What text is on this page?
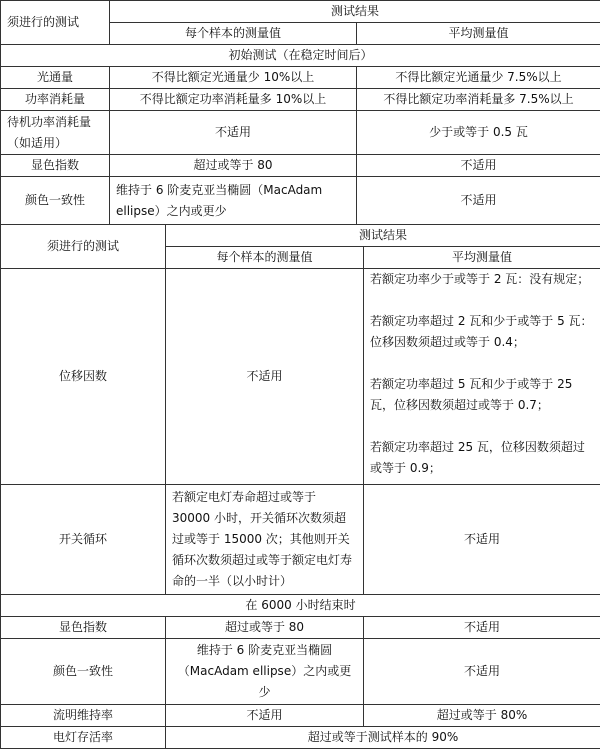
须进行的测试	测试结果	
	每个样本的测量值	平均测量值
初始测试（在稳定时间后）		
光通量	不得比额定光通量少 10%以上	不得比额定光通量少 7.5%以上
功率消耗量	不得比额定功率消耗量多 10%以上	不得比额定功率消耗量多 7.5%以上
待机功率消耗量（如适用）	不适用	少于或等于 0.5 瓦
显色指数	超过或等于 80	不适用
颜色一致性	维持于 6 阶麦克亚当椭圆（MacAdam ellipse）之内或更少	不适用
须进行的测试	测试结果	
	每个样本的测量值	平均测量值
位移因数	不适用	若额定功率少于或等于 2 瓦：没有规定；
若额定功率超过 2 瓦和少于或等于 5 瓦：位移因数须超过或等于 0.4；
若额定功率超过 5 瓦和少于或等于 25 瓦，位移因数须超过或等于 0.7；
若额定功率超过 25 瓦，位移因数须超过或等于 0.9；

开关循环	若额定电灯寿命超过或等于 30000 小时，开关循环次数须超过或等于 15000 次；其他则开关循环次数须超过或等于额定电灯寿命的一半（以小时计）	不适用
在 6000 小时结束时		
显色指数	超过或等于 80	不适用
颜色一致性	维持于 6 阶麦克亚当椭圆（MacAdam ellipse）之内或更少	不适用
流明维持率	不适用	超过或等于 80%
电灯存活率	超过或等于测试样本的 90%	
